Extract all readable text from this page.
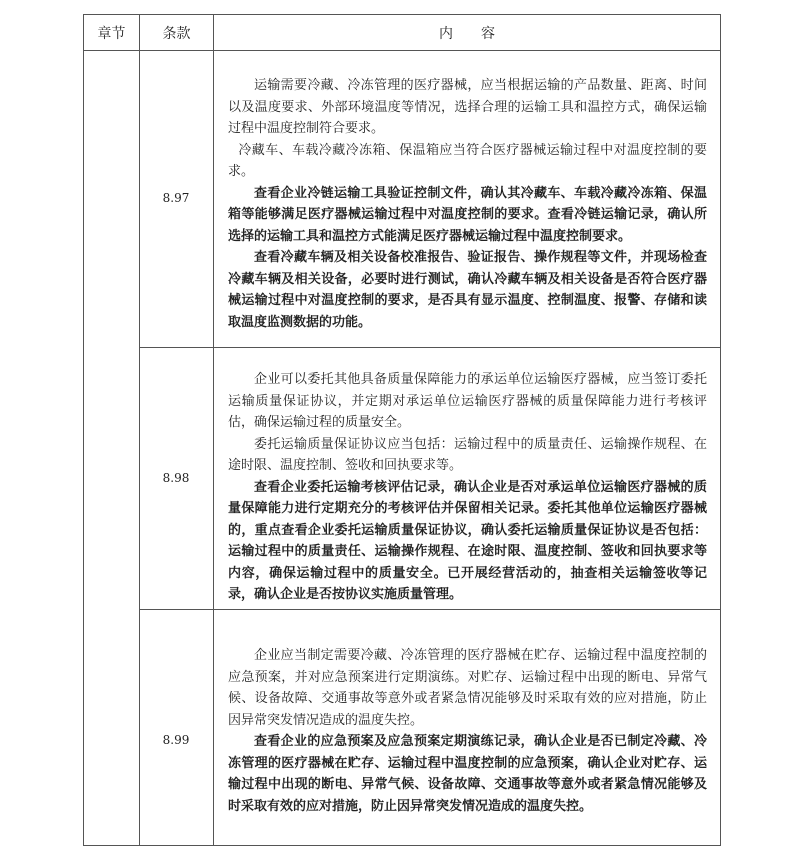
章节	条款	内　　容
8.97

运输需要冷藏、冷冻管理的医疗器械，应当根据运输的产品数量、距离、时间以及温度要求、外部环境温度等情况，选择合理的运输工具和温控方式，确保运输过程中温度控制符合要求。

冷藏车、车载冷藏冷冻箱、保温箱应当符合医疗器械运输过程中对温度控制的要求。

查看企业冷链运输工具验证控制文件，确认其冷藏车、车载冷藏冷冻箱、保温箱等能够满足医疗器械运输过程中对温度控制的要求。查看冷链运输记录，确认所选择的运输工具和温控方式能满足医疗器械运输过程中温度控制要求。

查看冷藏车辆及相关设备校准报告、验证报告、操作规程等文件，并现场检查冷藏车辆及相关设备，必要时进行测试，确认冷藏车辆及相关设备是否符合医疗器械运输过程中对温度控制的要求，是否具有显示温度、控制温度、报警、存储和读取温度监测数据的功能。

8.98

企业可以委托其他具备质量保障能力的承运单位运输医疗器械，应当签订委托运输质量保证协议，并定期对承运单位运输医疗器械的质量保障能力进行考核评估，确保运输过程的质量安全。

委托运输质量保证协议应当包括：运输过程中的质量责任、运输操作规程、在途时限、温度控制、签收和回执要求等。

查看企业委托运输考核评估记录，确认企业是否对承运单位运输医疗器械的质量保障能力进行定期充分的考核评估并保留相关记录。委托其他单位运输医疗器械的，重点查看企业委托运输质量保证协议，确认委托运输质量保证协议是否包括：运输过程中的质量责任、运输操作规程、在途时限、温度控制、签收和回执要求等内容，确保运输过程中的质量安全。已开展经营活动的，抽查相关运输签收等记录，确认企业是否按协议实施质量管理。

8.99

企业应当制定需要冷藏、冷冻管理的医疗器械在贮存、运输过程中温度控制的应急预案，并对应急预案进行定期演练。对贮存、运输过程中出现的断电、异常气候、设备故障、交通事故等意外或者紧急情况能够及时采取有效的应对措施，防止因异常突发情况造成的温度失控。

查看企业的应急预案及应急预案定期演练记录，确认企业是否已制定冷藏、冷冻管理的医疗器械在贮存、运输过程中温度控制的应急预案，确认企业对贮存、运输过程中出现的断电、异常气候、设备故障、交通事故等意外或者紧急情况能够及时采取有效的应对措施，防止因异常突发情况造成的温度失控。
